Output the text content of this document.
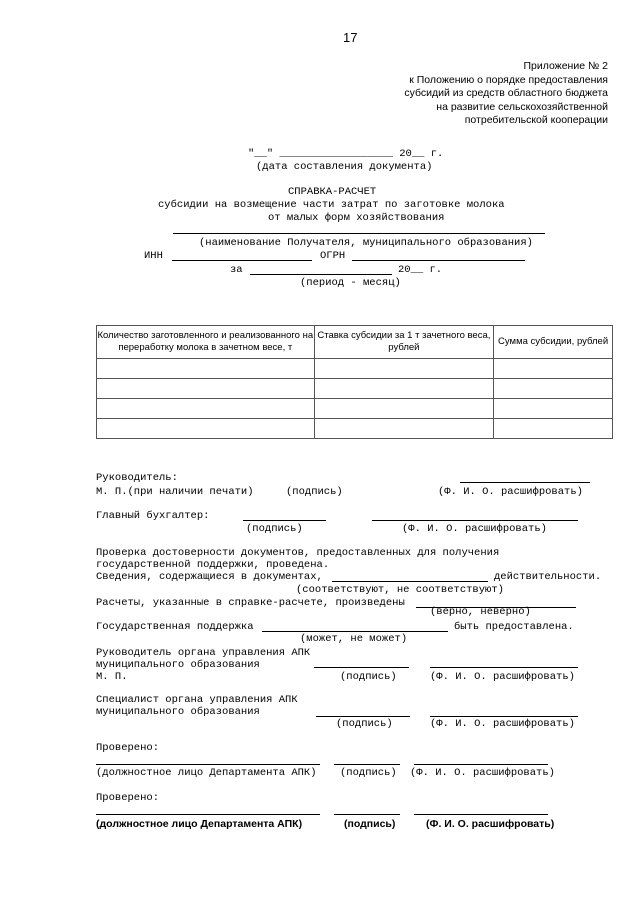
17
Приложение № 2
к Положению о порядке предоставления
субсидий из средств областного бюджета
на развитие сельскохозяйственной
потребительской кооперации
"__" __________________ 20__ г.
(дата составления документа)
СПРАВКА-РАСЧЕТ
субсидии на возмещение части затрат по заготовке молока
от малых форм хозяйствования
(наименование Получателя, муниципального образования)
ИНН	ОГРН
за	20__ г.
(период - месяц)
Количество заготовленного и реализованного на переработку молока в зачетном весе, т	Ставка субсидии за 1 т зачетного веса, рублей	Сумма субсидии, рублей

Руководитель:
М. П.(при наличии печати)	(подпись)	(Ф. И. О. расшифровать)
Главный бухгалтер:
(подпись)	(Ф. И. О. расшифровать)
Проверка достоверности документов, предоставленных для получения
государственной поддержки, проведена.
Сведения, содержащиеся в документах,	действительности.
(соответствуют, не соответствуют)
Расчеты, указанные в справке-расчете, произведены
(верно, неверно)
Государственная поддержка	быть предоставлена.
(может, не может)
Руководитель органа управления АПК
муниципального образования
М. П.	(подпись)	(Ф. И. О. расшифровать)
Специалист органа управления АПК
муниципального образования
(подпись)	(Ф. И. О. расшифровать)
Проверено:
(должностное лицо Департамента АПК) (подпись) (Ф. И. О. расшифровать)
Проверено:
(должностное лицо Департамента АПК)	(подпись)	(Ф. И. О. расшифровать)
